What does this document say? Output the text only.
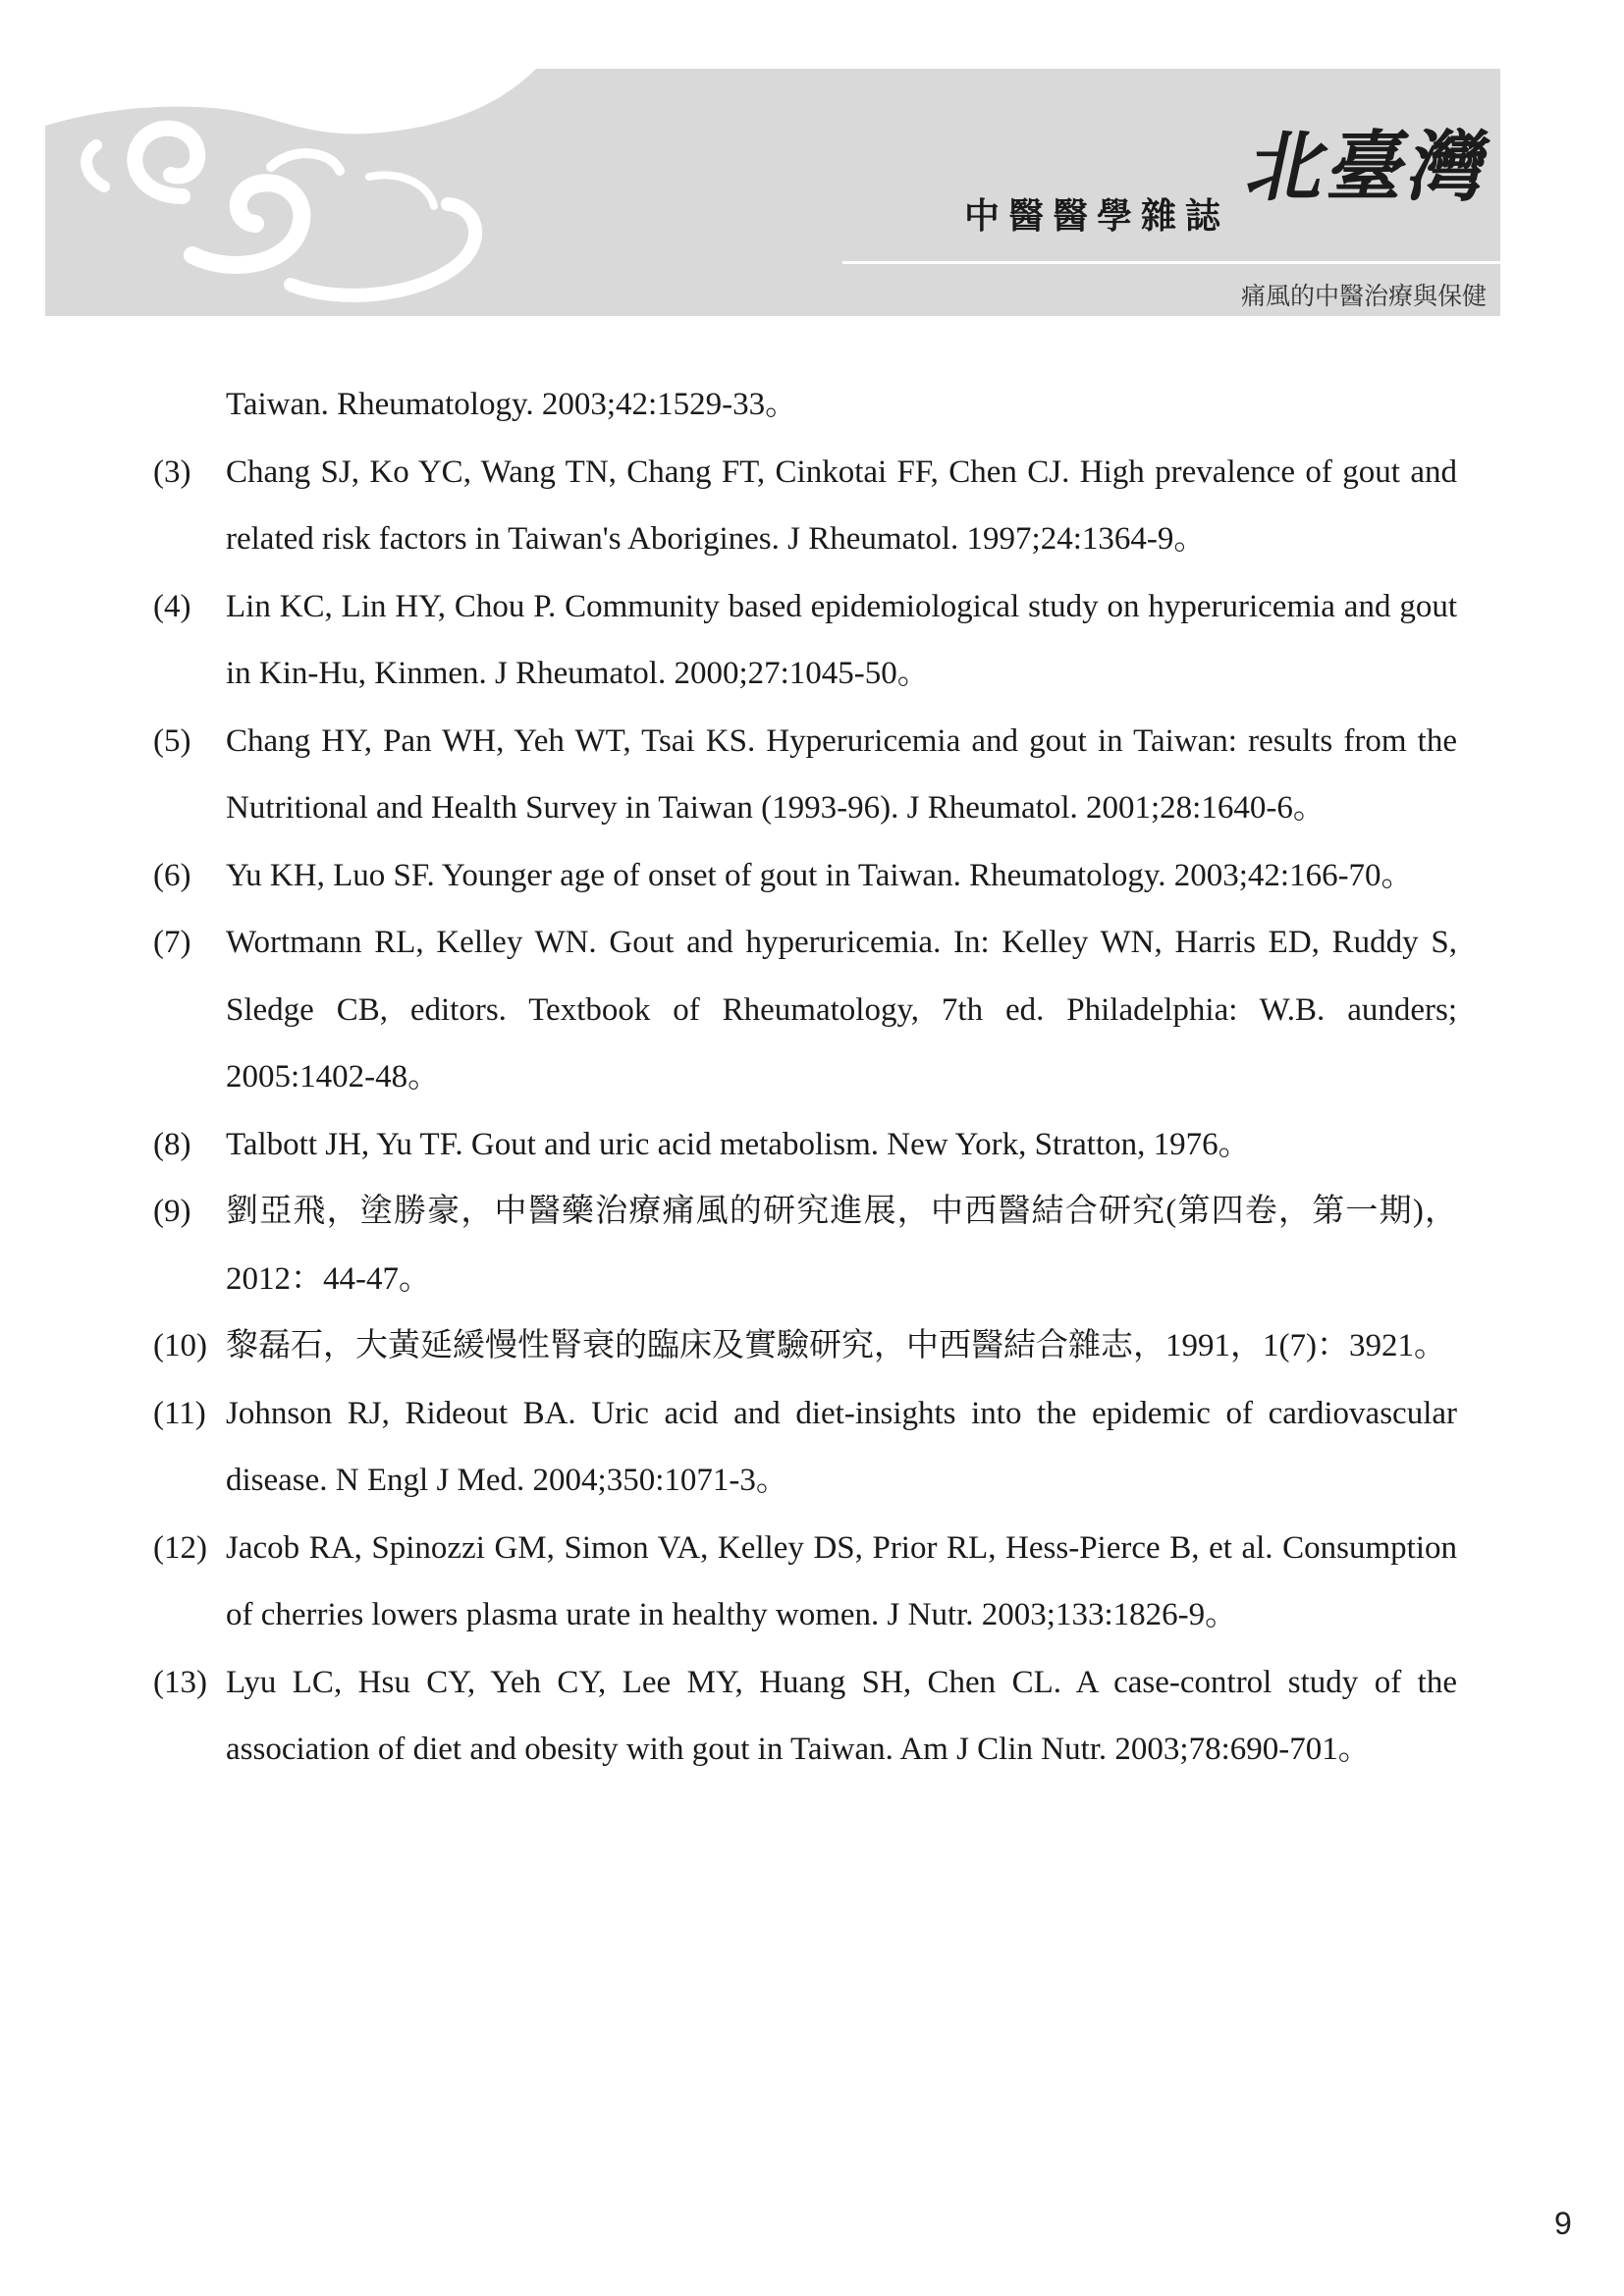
中醫醫學雜誌
北臺灣
痛風的中醫治療與保健
Taiwan. Rheumatology. 2003;42:1529-33。
(3)	Chang SJ, Ko YC, Wang TN, Chang FT, Cinkotai FF, Chen CJ. High prevalence of gout and related risk factors in Taiwan's Aborigines. J Rheumatol. 1997;24:1364-9。
(4)	Lin KC, Lin HY, Chou P. Community based epidemiological study on hyperuricemia and gout in Kin-Hu, Kinmen. J Rheumatol. 2000;27:1045-50。
(5)	Chang HY, Pan WH, Yeh WT, Tsai KS. Hyperuricemia and gout in Taiwan: results from the Nutritional and Health Survey in Taiwan (1993-96). J Rheumatol. 2001;28:1640-6。
(6)	Yu KH, Luo SF. Younger age of onset of gout in Taiwan. Rheumatology. 2003;42:166-70。
(7)	Wortmann RL, Kelley WN. Gout and hyperuricemia. In: Kelley WN, Harris ED, Ruddy S, Sledge CB, editors. Textbook of Rheumatology, 7th ed. Philadelphia: W.B. aunders; 2005:1402-48。
(8)	Talbott JH, Yu TF. Gout and uric acid metabolism. New York, Stratton, 1976。
(9)	劉亞飛，塗勝豪，中醫藥治療痛風的研究進展，中西醫結合研究(第四卷，第一期)，2012：44-47。
(10) 黎磊石，大黃延緩慢性腎衰的臨床及實驗研究，中西醫結合雜志，1991，1(7)：3921。
(11) Johnson RJ, Rideout BA. Uric acid and diet-insights into the epidemic of cardiovascular disease. N Engl J Med. 2004;350:1071-3。
(12) Jacob RA, Spinozzi GM, Simon VA, Kelley DS, Prior RL, Hess-Pierce B, et al. Consumption of cherries lowers plasma urate in healthy women. J Nutr. 2003;133:1826-9。
(13) Lyu LC, Hsu CY, Yeh CY, Lee MY, Huang SH, Chen CL. A case-control study of the association of diet and obesity with gout in Taiwan. Am J Clin Nutr. 2003;78:690-701。
9
